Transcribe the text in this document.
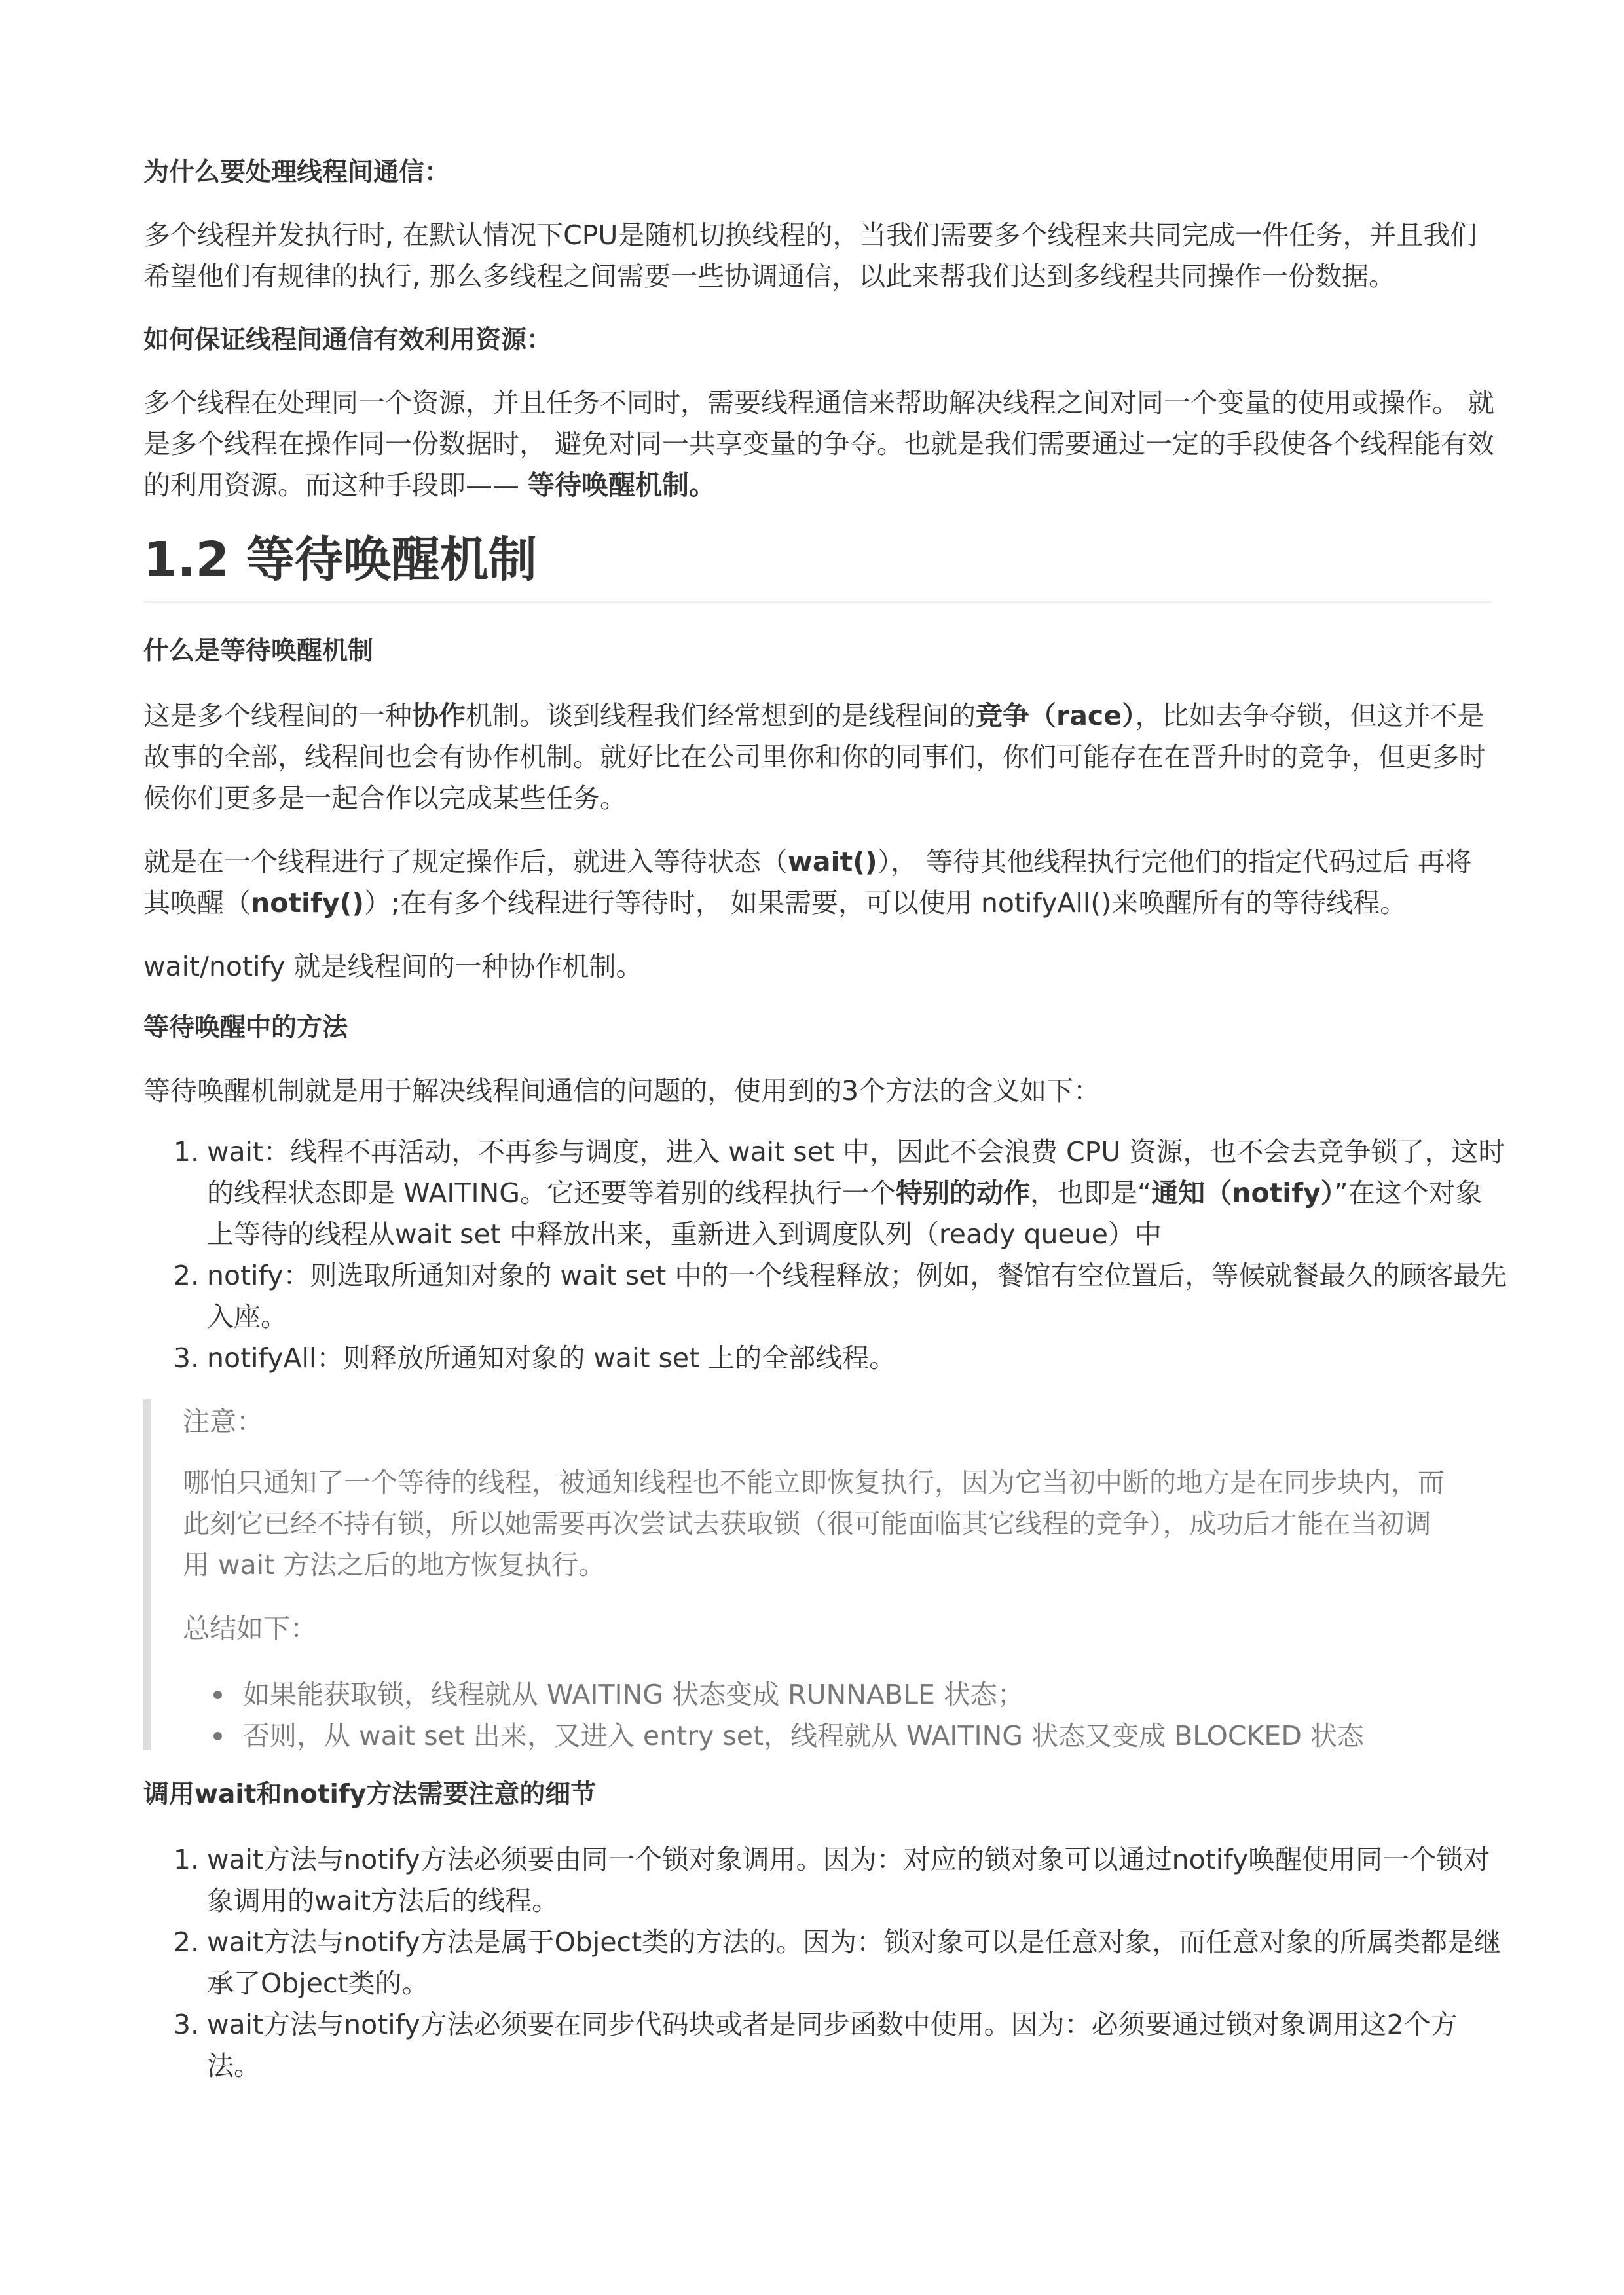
为什么要处理线程间通信：
多个线程并发执行时, 在默认情况下CPU是随机切换线程的，当我们需要多个线程来共同完成一件任务，并且我们
希望他们有规律的执行, 那么多线程之间需要一些协调通信，以此来帮我们达到多线程共同操作一份数据。
如何保证线程间通信有效利用资源：
多个线程在处理同一个资源，并且任务不同时，需要线程通信来帮助解决线程之间对同一个变量的使用或操作。 就
是多个线程在操作同一份数据时， 避免对同一共享变量的争夺。也就是我们需要通过一定的手段使各个线程能有效
的利用资源。而这种手段即—— 等待唤醒机制。
1.2 等待唤醒机制
什么是等待唤醒机制
这是多个线程间的一种协作机制。谈到线程我们经常想到的是线程间的竞争（race），比如去争夺锁，但这并不是
故事的全部，线程间也会有协作机制。就好比在公司里你和你的同事们，你们可能存在在晋升时的竞争，但更多时
候你们更多是一起合作以完成某些任务。
就是在一个线程进行了规定操作后，就进入等待状态（wait()）， 等待其他线程执行完他们的指定代码过后 再将
其唤醒（notify()）;在有多个线程进行等待时， 如果需要，可以使用 notifyAll()来唤醒所有的等待线程。
wait/notify 就是线程间的一种协作机制。
等待唤醒中的方法
等待唤醒机制就是用于解决线程间通信的问题的，使用到的3个方法的含义如下：
1. wait：线程不再活动，不再参与调度，进入 wait set 中，因此不会浪费 CPU 资源，也不会去竞争锁了，这时
的线程状态即是 WAITING。它还要等着别的线程执行一个特别的动作，也即是“通知（notify）”在这个对象
上等待的线程从wait set 中释放出来，重新进入到调度队列（ready queue）中
2. notify：则选取所通知对象的 wait set 中的一个线程释放；例如，餐馆有空位置后，等候就餐最久的顾客最先
入座。
3. notifyAll：则释放所通知对象的 wait set 上的全部线程。
注意：
哪怕只通知了一个等待的线程，被通知线程也不能立即恢复执行，因为它当初中断的地方是在同步块内，而
此刻它已经不持有锁，所以她需要再次尝试去获取锁（很可能面临其它线程的竞争），成功后才能在当初调
用 wait 方法之后的地方恢复执行。
总结如下：
如果能获取锁，线程就从 WAITING 状态变成 RUNNABLE 状态；
否则，从 wait set 出来，又进入 entry set，线程就从 WAITING 状态又变成 BLOCKED 状态
调用wait和notify方法需要注意的细节
1. wait方法与notify方法必须要由同一个锁对象调用。因为：对应的锁对象可以通过notify唤醒使用同一个锁对
象调用的wait方法后的线程。
2. wait方法与notify方法是属于Object类的方法的。因为：锁对象可以是任意对象，而任意对象的所属类都是继
承了Object类的。
3. wait方法与notify方法必须要在同步代码块或者是同步函数中使用。因为：必须要通过锁对象调用这2个方
法。
